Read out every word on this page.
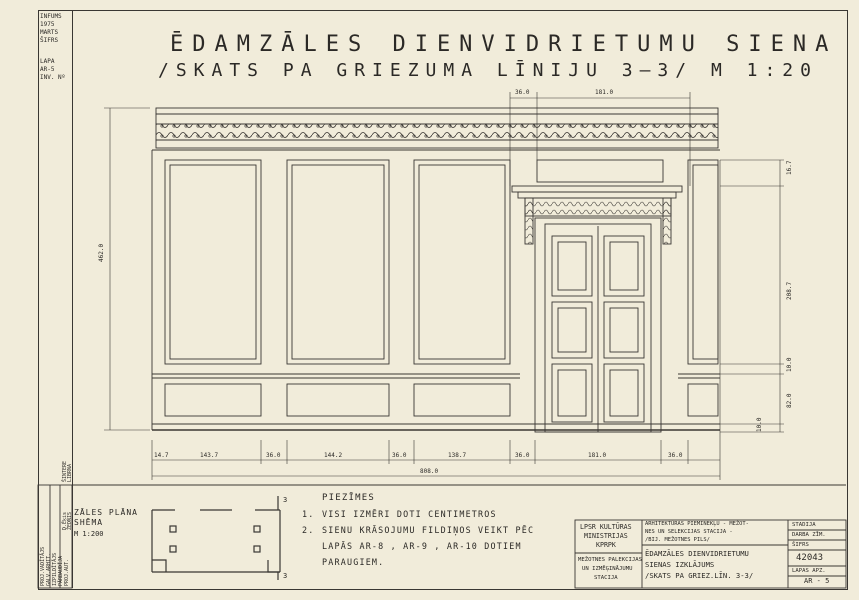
INFUMS
1975
MARTS
ŠIFRS
LAPA
AR-5
INV. Nº
ĒDAMZĀLES DIENVIDRIETUMU SIENA
/SKATS PA GRIEZUMA LĪNIJU 3—3/ M 1:20
36.0	181.0
462.0
16.7
208.7
10.0
82.0
10.0
14.7	143.7	36.0	144.2	36.0	138.7	36.0	181.0	36.0
808.0
ZĀLES PLĀNA SHĒMA
M 1:200
3
3
PIEZĪMES
1. VISI IZMĒRI DOTI CENTIMETROS
2. SIENU KRĀSOJUMU FILDIŅOS VEIKT PĒC
LAPĀS AR-8 , AR-9 , AR-10 DOTIEM
PARAUGIEM.
LPSR KULTŪRAS
MINISTRIJAS
KPRPK
MEŽOTNES PALEKCIJAS
UN IZMĒĢINĀJUMU
STACIJA
ARHITEKTŪRAS PIEMINEKĻU - MEŽOT-
NES UN SELEKCIJAS STACIJA -
/BIJ. MEŽOTNES PILS/
ĒDAMZĀLES DIENVIDRIETUMU
SIENAS IZKLĀJUMS
/SKATS PA GRIEZ.LĪN. 3-3/
STADIJA
DARBA ZĪM.
ŠIFRS
42043
LAPAS APZ.
AR - 5
PROJ.VADĪTĀJS GALV.ARHIT. IZPILDĪTĀJS PĀRBAUDĪJA PROJ.AUT.
D.Ēķis ŽEDŅIS
ŠINTERE LIBRNA
